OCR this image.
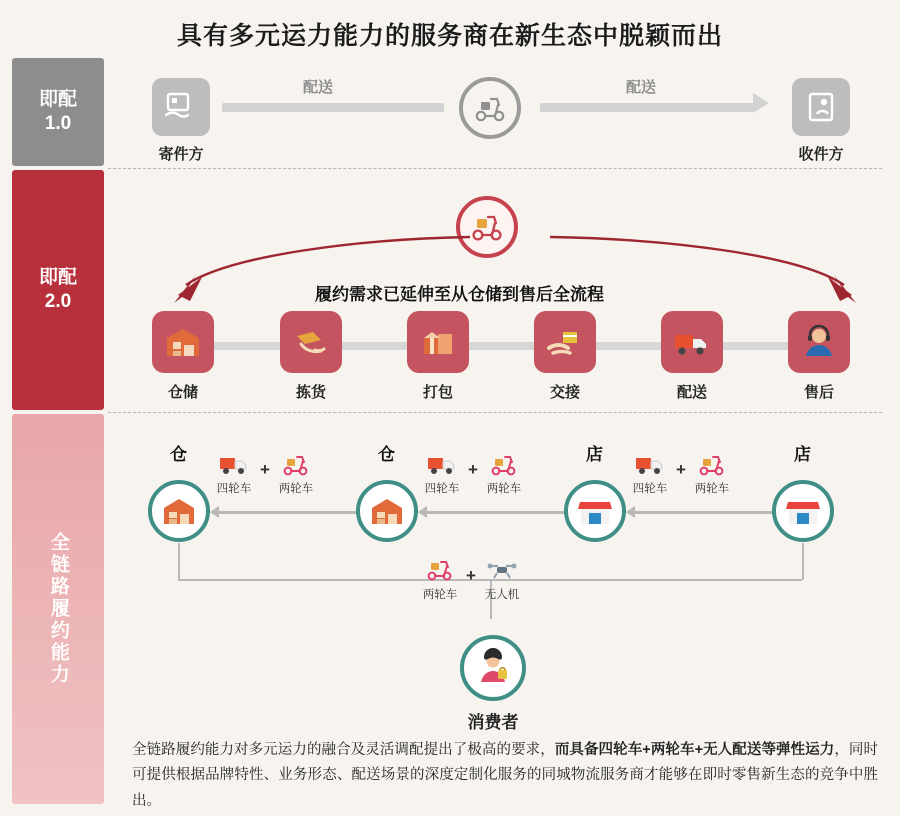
具有多元运力能力的服务商在新生态中脱颖而出
即配
1.0
即配
2.0
全链路履约能力
寄件方
配送	配送
收件方
履约需求已延伸至从仓储到售后全流程
仓储	拣货	打包	交接	配送	售后
仓	仓	店	店
四轮车
+
两轮车	四轮车
+
两轮车	四轮车
+
两轮车
两轮车
+
无人机
消费者
全链路履约能力对多元运力的融合及灵活调配提出了极高的要求，而具备四轮车+两轮车+无人配送等弹性运力，同时可提供根据品牌特性、业务形态、配送场景的深度定制化服务的同城物流服务商才能够在即时零售新生态的竞争中胜出。
